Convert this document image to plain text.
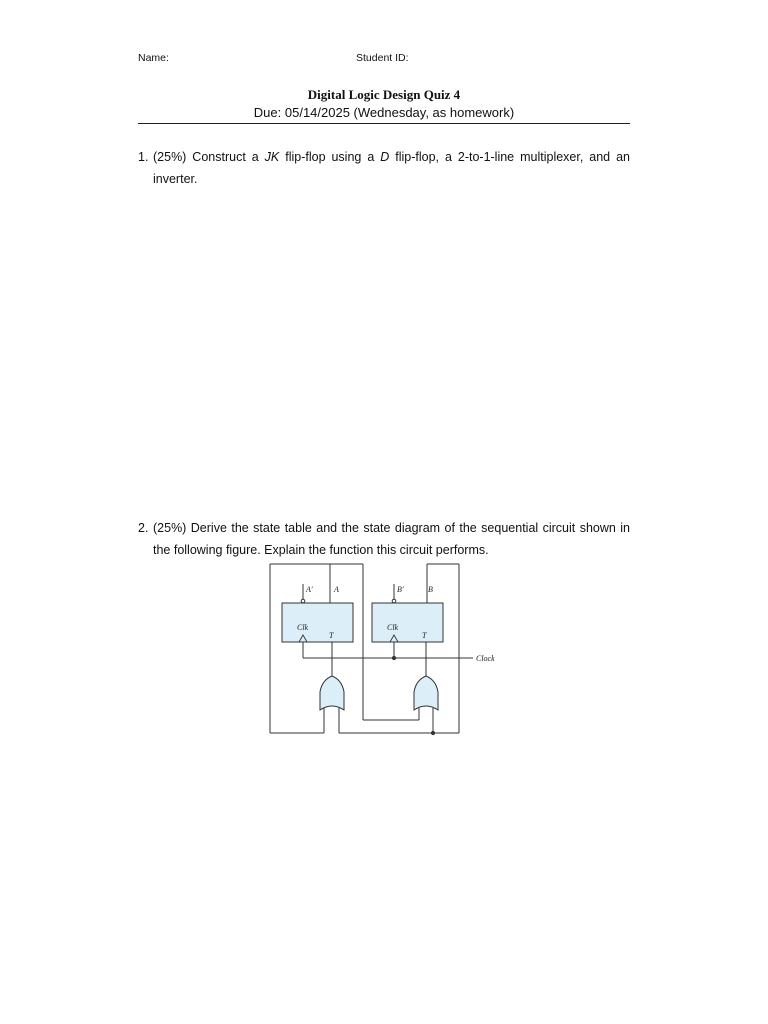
Name:	Student ID:
Digital Logic Design Quiz 4
Due: 05/14/2025 (Wednesday, as homework)
1. (25%) Construct a JK flip-flop using a D flip-flop, a 2-to-1-line multiplexer, and an inverter.
2. (25%) Derive the state table and the state diagram of the sequential circuit shown in the following figure. Explain the function this circuit performs.
A′	A
Clk
T
B′	B
Clk
T
Clock
